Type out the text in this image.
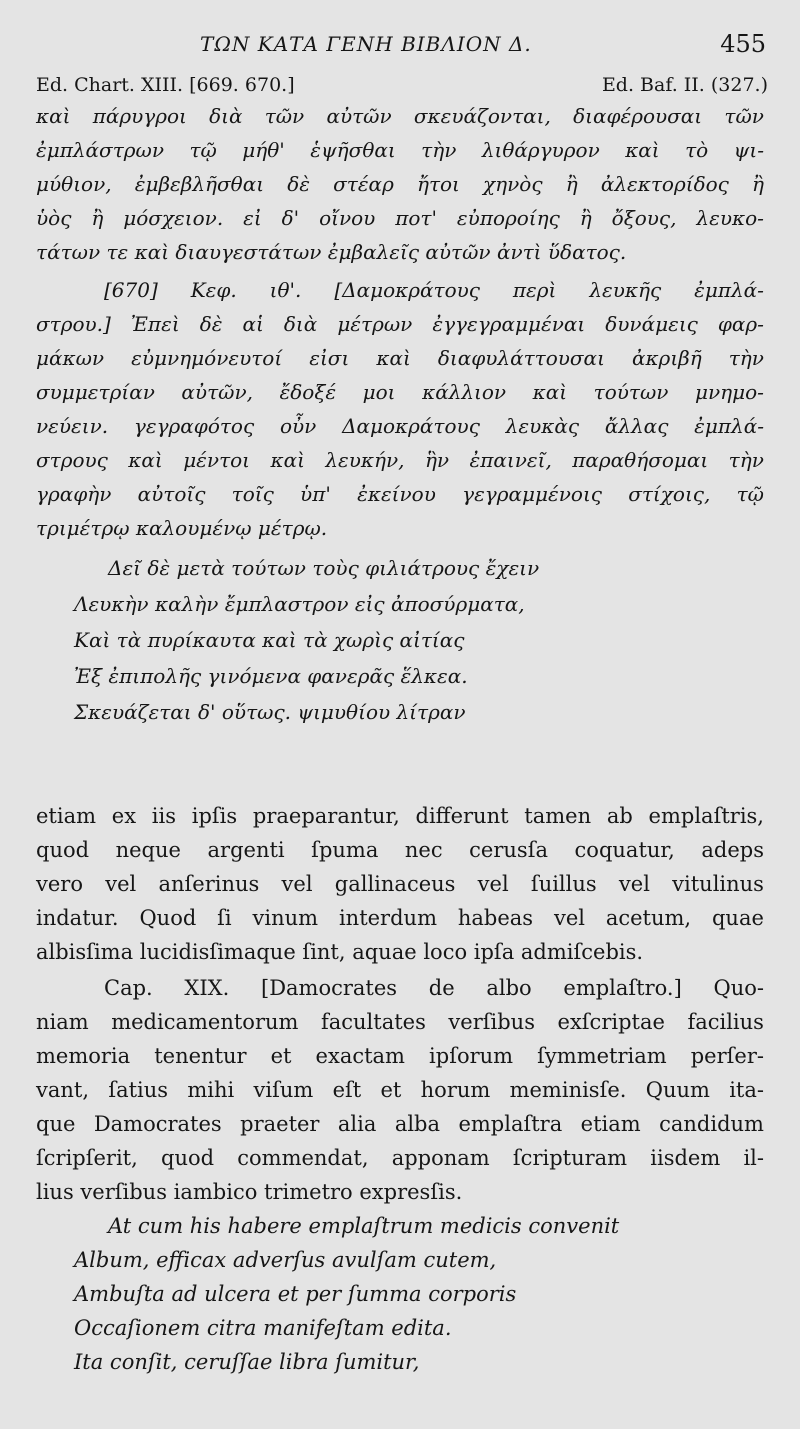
ΤΩΝ ΚΑΤΑ ΓΕΝΗ ΒΙΒΛΙΟΝ Δ.	455
Ed. Chart. XIII. [669. 670.]	Ed. Baf. II. (327.)
καὶ πάρυγροι διὰ τῶν αὐτῶν σκευάζονται, διαφέρουσαι τῶν
ἐμπλάστρων τῷ μήθ' ἑψῆσθαι τὴν λιθάργυρον καὶ τὸ ψι-
μύθιον, ἐμβεβλῆσθαι δὲ στέαρ ἤτοι χηνὸς ἢ ἀλεκτορίδος ἢ
ὑὸς ἢ μόσχειον. εἰ δ' οἴνου ποτ' εὐποροίης ἢ ὄξους, λευκο-
τάτων τε καὶ διαυγεστάτων ἐμβαλεῖς αὐτῶν ἀντὶ ὕδατος.
[670] Κεφ. ιθ'. [Δαμοκράτους περὶ λευκῆς ἐμπλά-
στρου.] Ἐπεὶ δὲ αἱ διὰ μέτρων ἐγγεγραμμέναι δυνάμεις φαρ-
μάκων εὐμνημόνευτοί εἰσι καὶ διαφυλάττουσαι ἀκριβῆ τὴν
συμμετρίαν αὐτῶν, ἔδοξέ μοι κάλλιον καὶ τούτων μνημο-
νεύειν. γεγραφότος οὖν Δαμοκράτους λευκὰς ἄλλας ἐμπλά-
στρους καὶ μέντοι καὶ λευκήν, ἣν ἐπαινεῖ, παραθήσομαι τὴν
γραφὴν αὐτοῖς τοῖς ὑπ' ἐκείνου γεγραμμένοις στίχοις, τῷ
τριμέτρῳ καλουμένῳ μέτρῳ.
Δεῖ δὲ μετὰ τούτων τοὺς φιλιάτρους ἔχειν
Λευκὴν καλὴν ἔμπλαστρον εἰς ἀποσύρματα,
Καὶ τὰ πυρίκαυτα καὶ τὰ χωρὶς αἰτίας
Ἐξ ἐπιπολῆς γινόμενα φανερᾶς ἕλκεα.
Σκευάζεται δ' οὕτως. ψιμυθίου λίτραν
etiam ex iis ipſis praeparantur, differunt tamen ab emplaſtris,
quod neque argenti ſpuma nec cerusſa coquatur, adeps
vero vel anſerinus vel gallinaceus vel ſuillus vel vitulinus
indatur. Quod ſi vinum interdum habeas vel acetum, quae
albisſima lucidisſimaque ſint, aquae loco ipſa admiſcebis.
Cap. XIX. [Damocrates de albo emplaſtro.] Quo-
niam medicamentorum facultates verſibus exſcriptae facilius
memoria tenentur et exactam ipſorum ſymmetriam perſer-
vant, ſatius mihi viſum eſt et horum meminisſe. Quum ita-
que Damocrates praeter alia alba emplaſtra etiam candidum
ſcripſerit, quod commendat, apponam ſcripturam iisdem il-
lius verſibus iambico trimetro expresſis.
At cum his habere emplaſtrum medicis convenit
Album, efficax adverſus avulſam cutem,
Ambuſta ad ulcera et per ſumma corporis
Occaſionem citra manifeſtam edita.
Ita conſit, ceruſſae libra ſumitur,
